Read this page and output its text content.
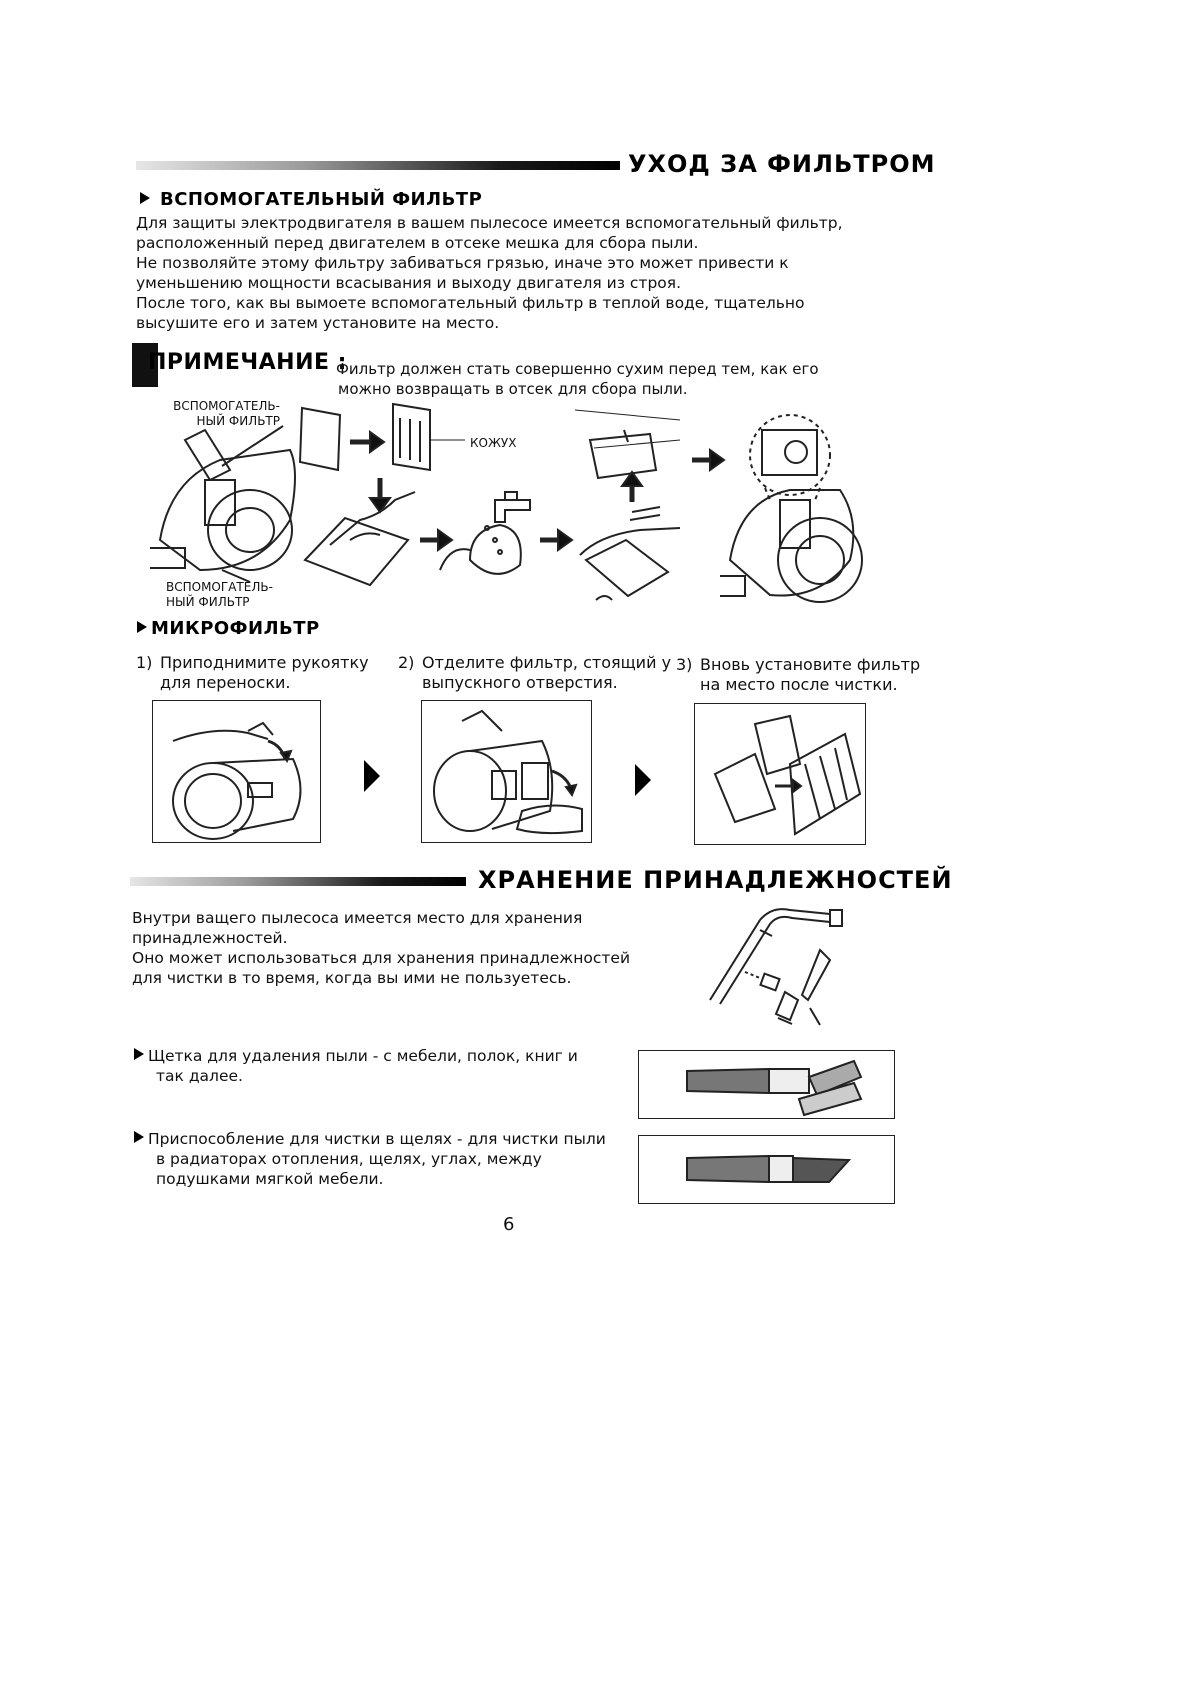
УХОД ЗА ФИЛЬТРОМ
ВСПОМОГАТЕЛЬНЫЙ ФИЛЬТР
Для защиты электродвигателя в вашем пылесосе имеется вспомогательный фильтр,
расположенный перед двигателем в отсеке мешка для сбора пыли.
Не позволяйте этому фильтру забиваться грязью, иначе это может привести к
уменьшению мощности всасывания и выходу двигателя из строя.
После того, как вы вымоете вспомогательный фильтр в теплой воде, тщательно
высушите его и затем установите на место.
ПРИМЕЧАНИЕ :
Фильтр должен стать совершенно сухим перед тем, как его
можно возвращать в отсек для сбора пыли.
ВСПОМОГАТЕЛЬ-
НЫЙ ФИЛЬТР
ВСПОМОГАТЕЛЬ-
НЫЙ ФИЛЬТР
КОЖУХ
МИКРОФИЛЬТР
1) Приподнимите рукоятку
для переноски.
2) Отделите фильтр, стоящий у
выпускного отверстия.
3) Вновь установите фильтр
на место после чистки.
ХРАНЕНИЕ ПРИНАДЛЕЖНОСТЕЙ
Внутри ващего пылесоса имеется место для хранения
принадлежностей.
Оно может использоваться для хранения принадлежностей
для чистки в то время, когда вы ими не пользуетесь.
Щетка для удаления пыли - с мебели, полок, книг и
так далее.
Приспособление для чистки в щелях - для чистки пыли
в радиаторах отопления, щелях, углах, между
подушками мягкой мебели.
6
